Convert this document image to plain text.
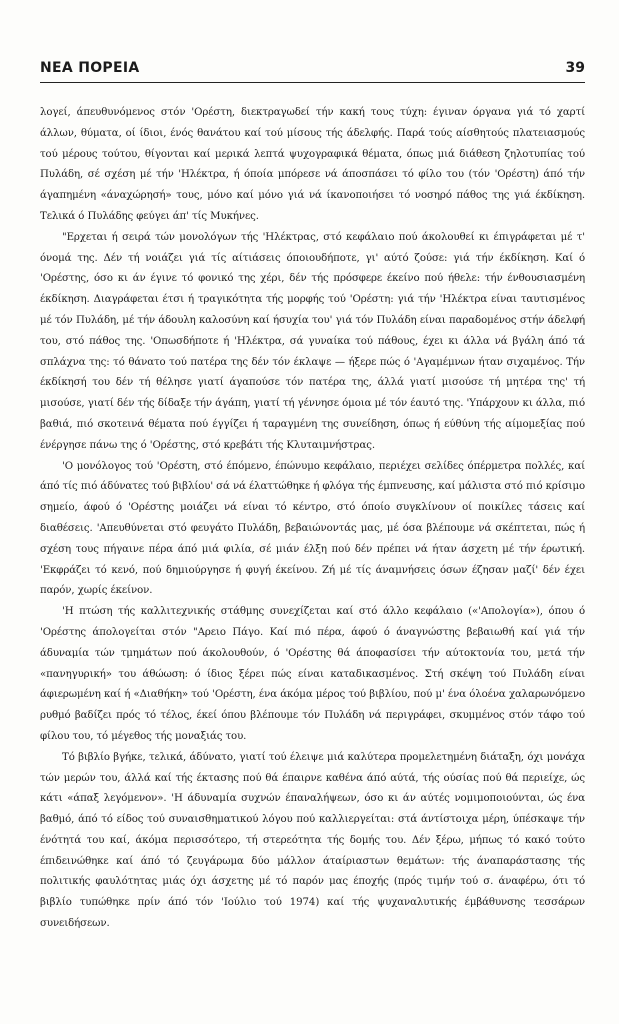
ΝΕΑ ΠΟΡΕΙΑ	39

λογεί, άπευθυνόμενος στόν 'Ορέστη, διεκτραγωδεί τήν κακή τους τύχη: έγιναν όργανα γιά τό χαρτί άλλων, θύματα, οί ίδιοι, ένός θανάτου καί τού μίσους τής άδελφής. Παρά τούς αίσθητούς πλατειασμούς τού μέρους τούτου, θίγονται καί μερικά λεπτά ψυχογραφικά θέματα, όπως μιά διάθεση ζηλοτυπίας τού Πυλάδη, σέ σχέση μέ τήν 'Ηλέκτρα, ή όποία μπόρεσε νά άποσπάσει τό φίλο του (τόν 'Ορέστη) άπό τήν άγαπημένη «άναχώρησή» τους, μόνο καί μόνο γιά νά ίκανοποιήσει τό νοσηρό πάθος της γιά έκδίκηση. Τελικά ό Πυλάδης φεύγει άπ' τίς Μυκήνες.

"Ερχεται ή σειρά τών μονολόγων τής 'Ηλέκτρας, στό κεφάλαιο πού άκολουθεί κι έπιγράφεται μέ τ' όνομά της. Δέν τή νοιάζει γιά τίς αίτιάσεις όποιουδήποτε, γι' αύτό ζούσε: γιά τήν έκδίκηση. Καί ό 'Ορέστης, όσο κι άν έγινε τό φονικό της χέρι, δέν τής πρόσφερε έκείνο πού ήθελε: τήν ένθουσιασμένη έκδίκηση. Διαγράφεται έτσι ή τραγικότητα τής μορφής τού 'Ορέστη: γιά τήν 'Ηλέκτρα είναι ταυτισμένος μέ τόν Πυλάδη, μέ τήν άδουλη καλοσύνη καί ήσυχία του' γιά τόν Πυλάδη είναι παραδομένος στήν άδελφή του, στό πάθος της. 'Οπωσδήποτε ή 'Ηλέκτρα, σά γυναίκα τού πάθους, έχει κι άλλα νά βγάλη άπό τά σπλάχνα της: τό θάνατο τού πατέρα της δέν τόν έκλαψε — ήξερε πώς ό 'Αγαμέμνων ήταν σιχαμένος. Τήν έκδίκησή του δέν τή θέλησε γιατί άγαπούσε τόν πατέρα της, άλλά γιατί μισούσε τή μητέρα της' τή μισούσε, γιατί δέν τής δίδαξε τήν άγάπη, γιατί τή γέννησε όμοια μέ τόν έαυτό της. 'Υπάρχουν κι άλλα, πιό βαθιά, πιό σκοτεινά θέματα πού έγγίζει ή ταραγμένη της συνείδηση, όπως ή εύθύνη τής αίμομεξίας πού ένέργησε πάνω της ό 'Ορέστης, στό κρεβάτι τής Κλυταιμνήστρας.

'Ο μονόλογος τού 'Ορέστη, στό έπόμενο, έπώνυμο κεφάλαιο, περιέχει σελίδες όπέρμετρα πολλές, καί άπό τίς πιό άδύνατες τού βιβλίου' σά νά έλαττώθηκε ή φλόγα τής έμπνευσης, καί μάλιστα στό πιό κρίσιμο σημείο, άφού ό 'Ορέστης μοιάζει νά είναι τό κέντρο, στό όποίο συγκλίνουν οί ποικίλες τάσεις καί διαθέσεις. 'Απευθύνεται στό φευγάτο Πυλάδη, βεβαιώνοντάς μας, μέ όσα βλέπουμε νά σκέπτεται, πώς ή σχέση τους πήγαινε πέρα άπό μιά φιλία, σέ μιάν έλξη πού δέν πρέπει νά ήταν άσχετη μέ τήν έρωτική. 'Εκφράζει τό κενό, πού δημιούργησε ή φυγή έκείνου. Ζή μέ τίς άναμνήσεις όσων έζησαν μαζί' δέν έχει παρόν, χωρίς έκείνον.

'Η πτώση τής καλλιτεχνικής στάθμης συνεχίζεται καί στό άλλο κεφάλαιο («'Απολογία»), όπου ό 'Ορέστης άπολογείται στόν "Αρειο Πάγο. Καί πιό πέρα, άφού ό άναγνώστης βεβαιωθή καί γιά τήν άδυναμία τών τμημάτων πού άκολουθούν, ό 'Ορέστης θά άποφασίσει τήν αύτοκτονία του, μετά τήν «πανηγυρική» του άθώωση: ό ίδιος ξέρει πώς είναι καταδικασμένος. Στή σκέψη τού Πυλάδη είναι άφιερωμένη καί ή «Διαθήκη» τού 'Ορέστη, ένα άκόμα μέρος τού βιβλίου, πού μ' ένα όλοένα χαλαρωνόμενο ρυθμό βαδίζει πρός τό τέλος, έκεί όπου βλέπουμε τόν Πυλάδη νά περιγράφει, σκυμμένος στόν τάφο τού φίλου του, τό μέγεθος τής μοναξιάς του.

Τό βιβλίο βγήκε, τελικά, άδύνατο, γιατί τού έλειψε μιά καλύτερα προμελετημένη διάταξη, όχι μονάχα τών μερών του, άλλά καί τής έκτασης πού θά έπαιρνε καθένα άπό αύτά, τής ούσίας πού θά περιείχε, ώς κάτι «άπαξ λεγόμενον». 'Η άδυναμία συχνών έπαναλήψεων, όσο κι άν αύτές νομιμοποιούνται, ώς ένα βαθμό, άπό τό είδος τού συναισθηματικού λόγου πού καλλιεργείται: στά άντίστοιχα μέρη, ύπέσκαψε τήν ένότητά του καί, άκόμα περισσότερο, τή στερεότητα τής δομής του. Δέν ξέρω, μήπως τό κακό τούτο έπιδεινώθηκε καί άπό τό ζευγάρωμα δύο μάλλον άταίριαστων θεμάτων: τής άναπαράστασης τής πολιτικής φαυλότητας μιάς όχι άσχετης μέ τό παρόν μας έποχής (πρός τιμήν τού σ. άναφέρω, ότι τό βιβλίο τυπώθηκε πρίν άπό τόν 'Ιούλιο τού 1974) καί τής ψυχαναλυτικής έμβάθυνσης τεσσάρων συνειδήσεων.
